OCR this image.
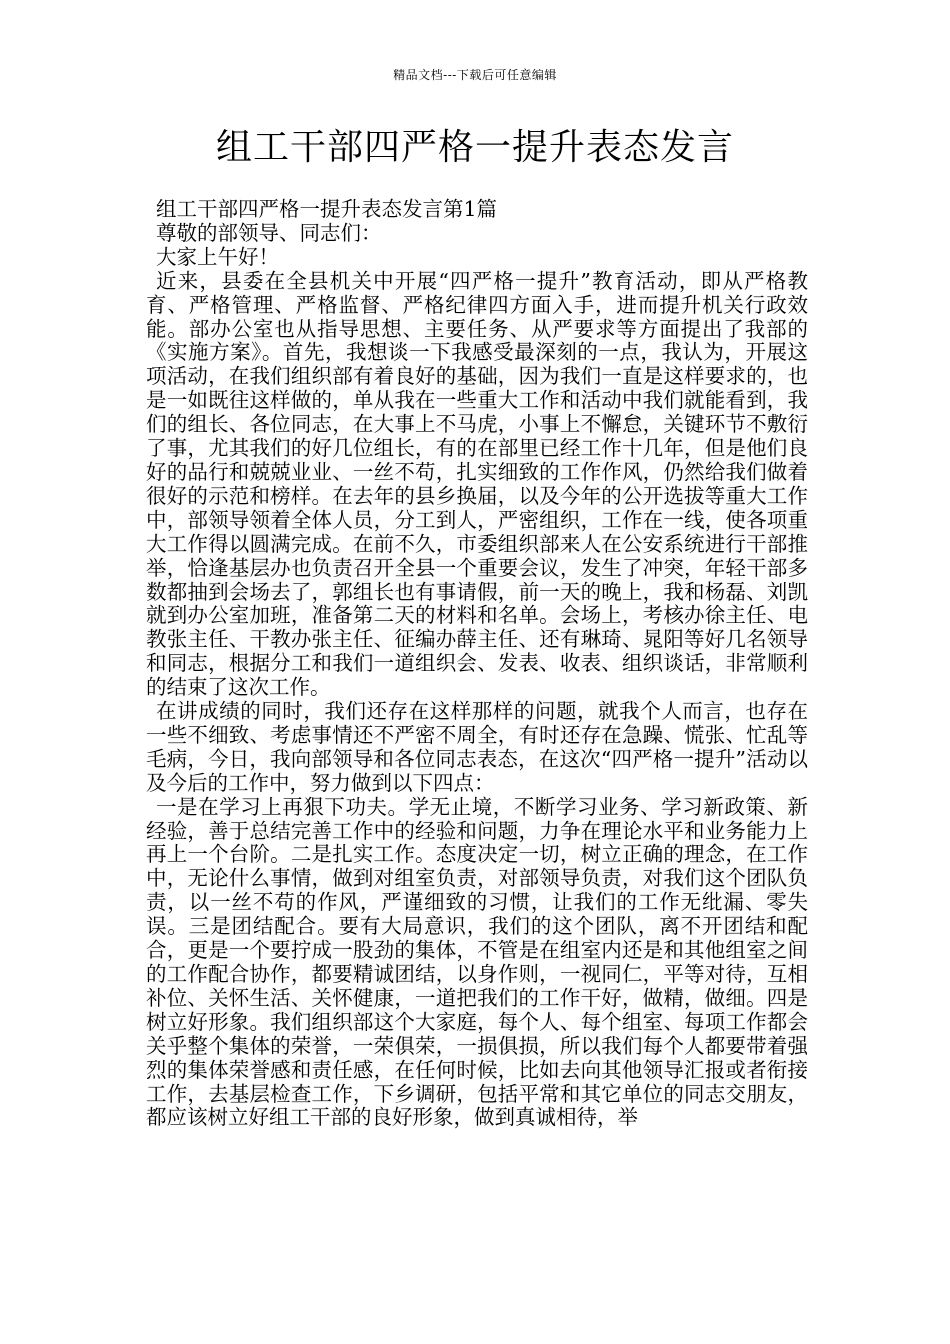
精品文档---下载后可任意编辑
组工干部四严格一提升表态发言

组工干部四严格一提升表态发言第1篇

尊敬的部领导、同志们：

大家上午好！

近来，县委在全县机关中开展“四严格一提升”教育活动，即从严格教育、严格管理、严格监督、严格纪律四方面入手，进而提升机关行政效能。部办公室也从指导思想、主要任务、从严要求等方面提出了我部的《实施方案》。首先，我想谈一下我感受最深刻的一点，我认为，开展这项活动，在我们组织部有着良好的基础，因为我们一直是这样要求的，也是一如既往这样做的，单从我在一些重大工作和活动中我们就能看到，我们的组长、各位同志，在大事上不马虎，小事上不懈怠，关键环节不敷衍了事，尤其我们的好几位组长，有的在部里已经工作十几年，但是他们良好的品行和兢兢业业、一丝不苟，扎实细致的工作作风，仍然给我们做着很好的示范和榜样。在去年的县乡换届，以及今年的公开选拔等重大工作中，部领导领着全体人员，分工到人，严密组织，工作在一线，使各项重大工作得以圆满完成。在前不久，市委组织部来人在公安系统进行干部推举，恰逢基层办也负责召开全县一个重要会议，发生了冲突，年轻干部多数都抽到会场去了，郭组长也有事请假，前一天的晚上，我和杨磊、刘凯就到办公室加班，准备第二天的材料和名单。会场上，考核办徐主任、电教张主任、干教办张主任、征编办薛主任、还有琳琦、晁阳等好几名领导和同志，根据分工和我们一道组织会、发表、收表、组织谈话，非常顺利的结束了这次工作。

在讲成绩的同时，我们还存在这样那样的问题，就我个人而言，也存在一些不细致、考虑事情还不严密不周全，有时还存在急躁、慌张、忙乱等毛病，今日，我向部领导和各位同志表态，在这次“四严格一提升”活动以及今后的工作中，努力做到以下四点：

一是在学习上再狠下功夫。学无止境，不断学习业务、学习新政策、新经验，善于总结完善工作中的经验和问题，力争在理论水平和业务能力上再上一个台阶。二是扎实工作。态度决定一切，树立正确的理念，在工作中，无论什么事情，做到对组室负责，对部领导负责，对我们这个团队负责，以一丝不苟的作风，严谨细致的习惯，让我们的工作无纰漏、零失误。三是团结配合。要有大局意识，我们的这个团队，离不开团结和配合，更是一个要拧成一股劲的集体，不管是在组室内还是和其他组室之间的工作配合协作，都要精诚团结，以身作则，一视同仁，平等对待，互相补位、关怀生活、关怀健康，一道把我们的工作干好，做精，做细。四是树立好形象。我们组织部这个大家庭，每个人、每个组室、每项工作都会关乎整个集体的荣誉，一荣俱荣，一损俱损，所以我们每个人都要带着强烈的集体荣誉感和责任感，在任何时候，比如去向其他领导汇报或者衔接工作，去基层检查工作，下乡调研，包括平常和其它单位的同志交朋友，都应该树立好组工干部的良好形象，做到真诚相待，举
